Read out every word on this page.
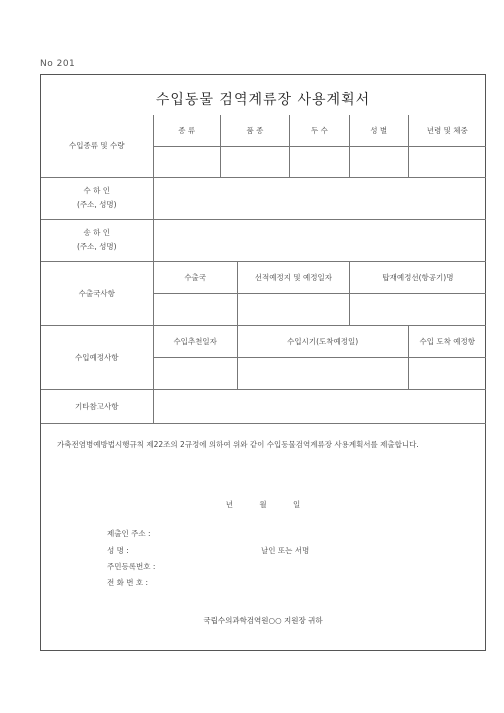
No 201
수입동물 검역계류장 사용계획서
수입종류 및 수량	종 류	품 종		두 수	성 별	년령 및 체중

수 하 인
(주소, 성명)						

송 하 인
(주소, 성명)						

수출국사항	수출국		선적예정지 및 예정일자		탑재예정선(항공기)명	

수입예정사항	수입추천일자		수입시기(도착예정일)			수입 도착 예정항

기타참고사항						
가축전염병예방법시행규칙 제22조의 2규정에 의하여 위와 같이 수입동물검역계류장 사용계획서를 제출합니다.
년	월	일
제출인 주소 :
성 명 :	날인 또는 서명
주민등록번호 :
전 화 번 호 :
국립수의과학검역원○○ 지원장 귀하
